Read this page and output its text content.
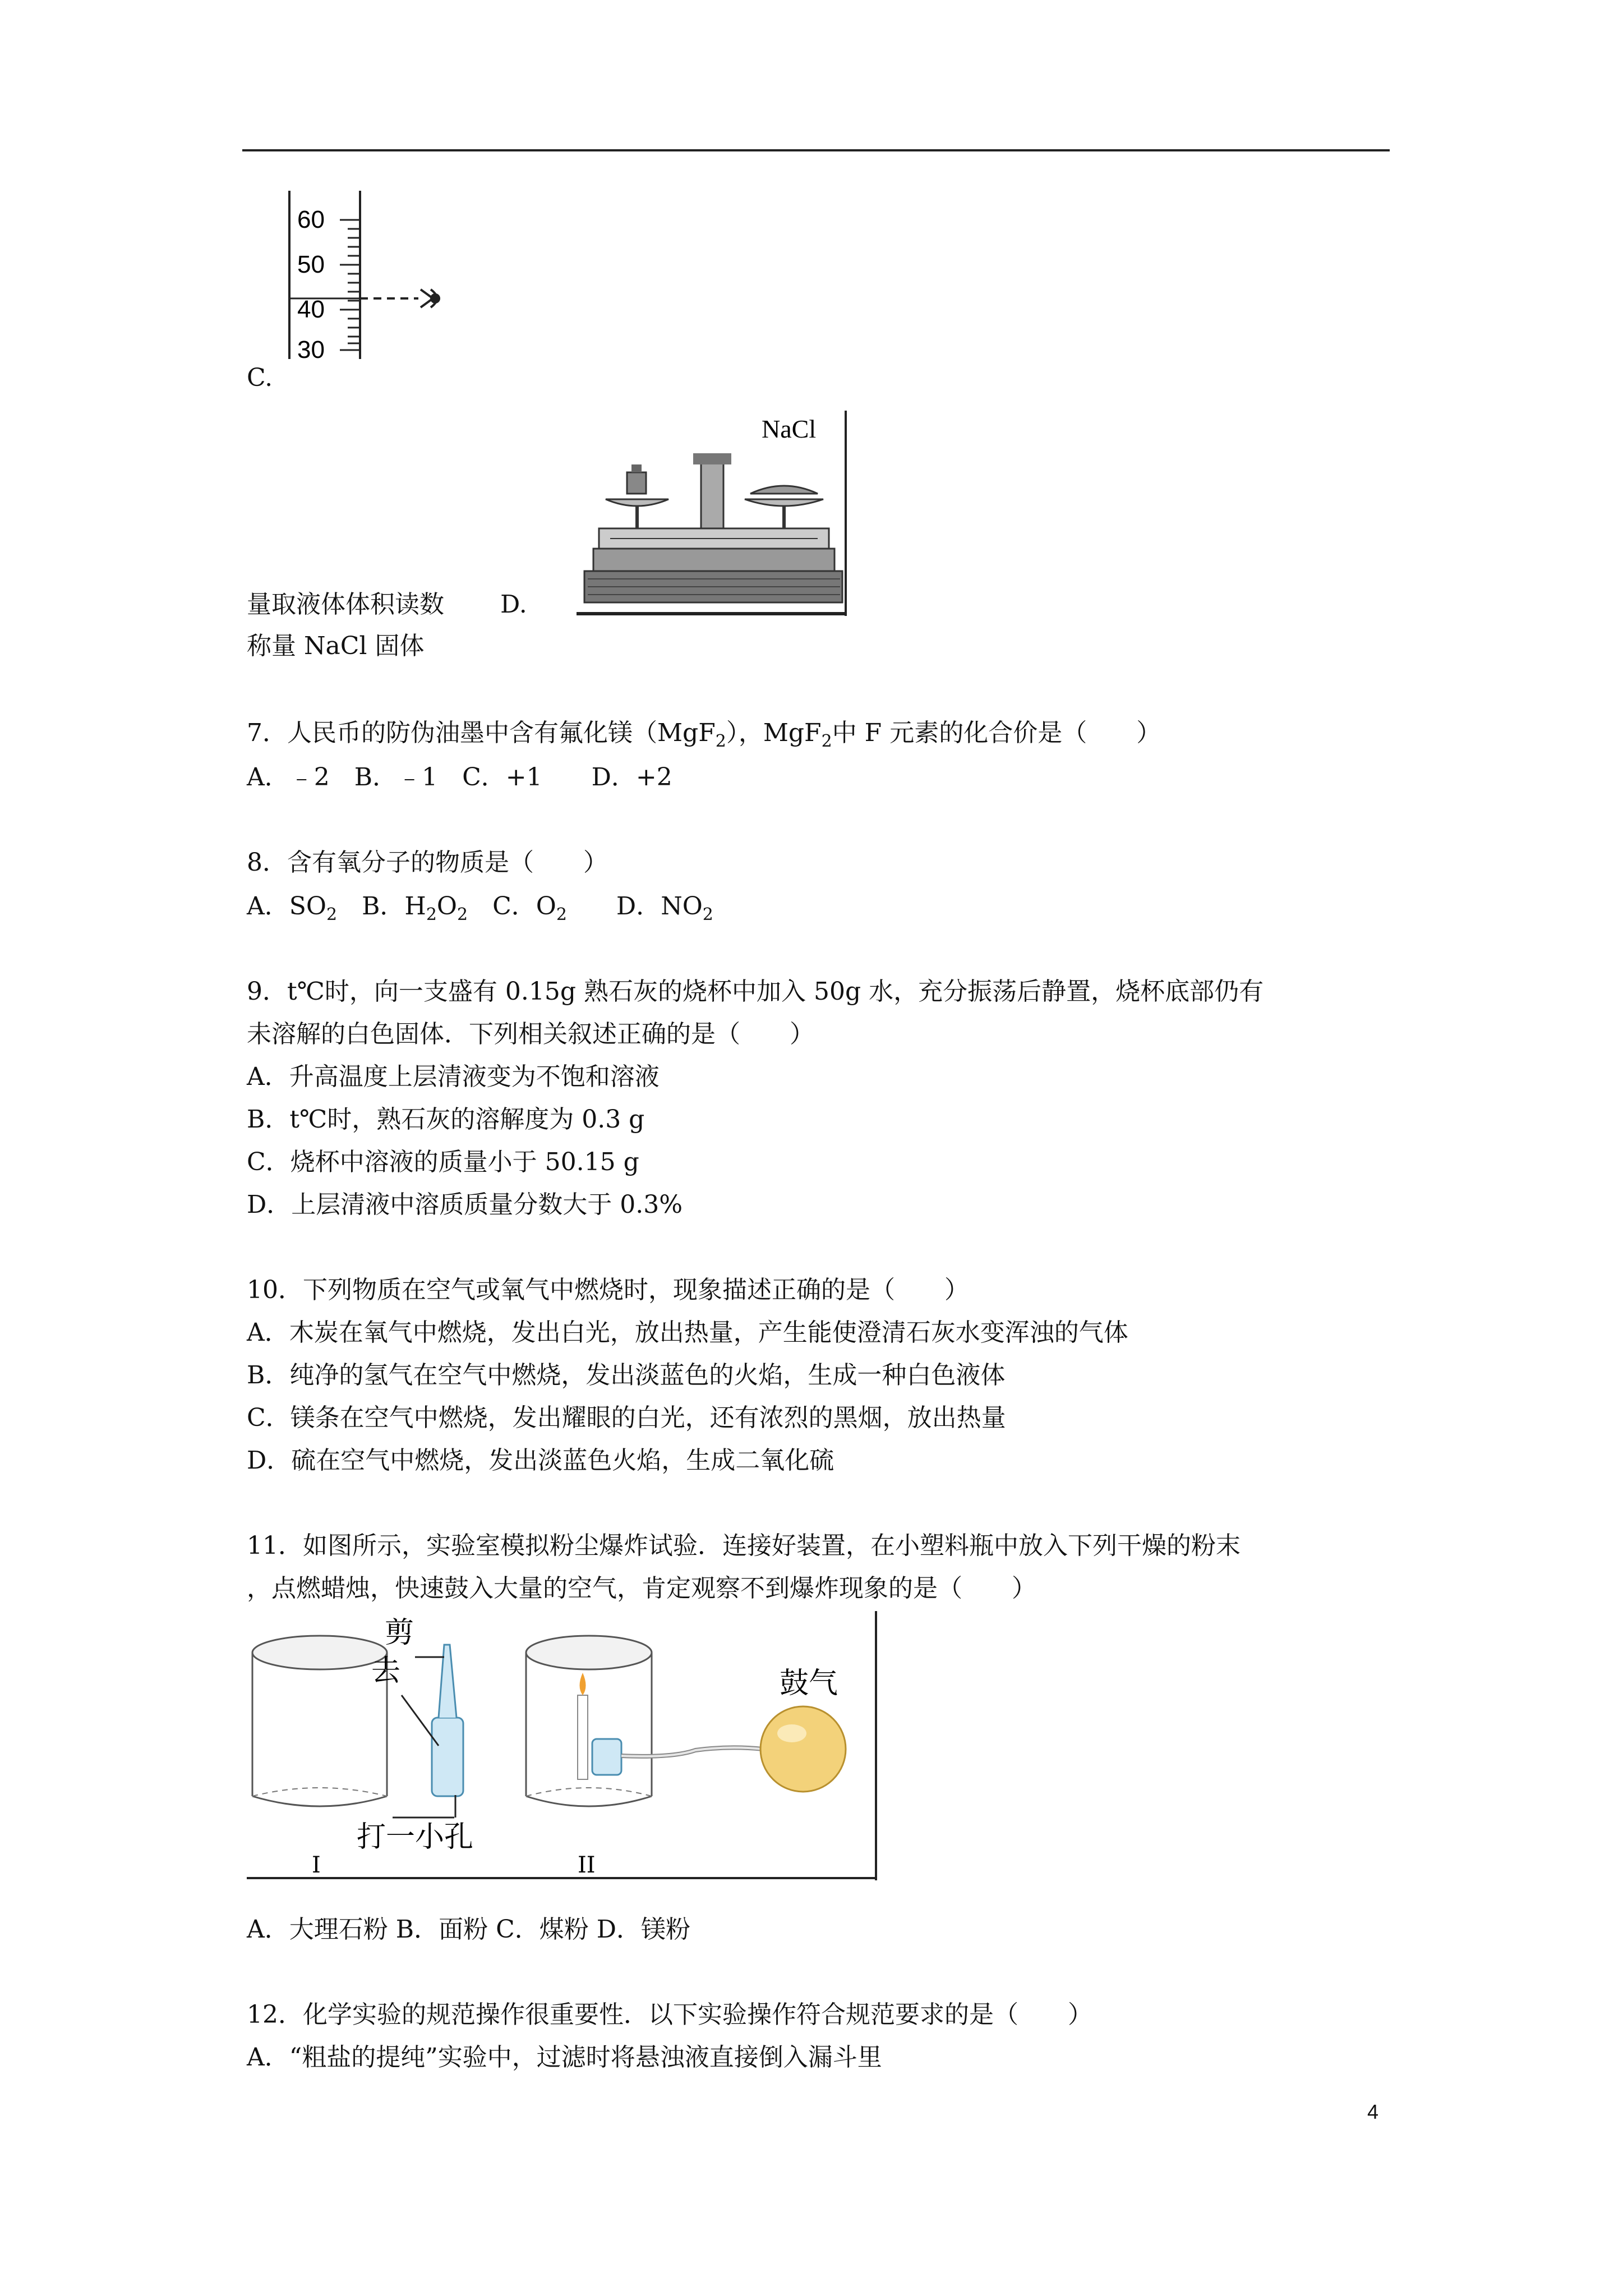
60
50
40
30
C.
NaCl
量取液体体积读数 D.
称量 NaCl 固体
7．人民币的防伪油墨中含有氟化镁（MgF$_2$），MgF$_2$中 F 元素的化合价是（　　）
A．﹣2　B．﹣1　C．+1　　D．+2
8．含有氧分子的物质是（　　）
A．$SO_2$　B．$H_2O_2$　C．$O_2$　　D．$NO_2$
9．t℃时，向一支盛有 0.15g 熟石灰的烧杯中加入 50g 水，充分振荡后静置，烧杯底部仍有
未溶解的白色固体．下列相关叙述正确的是（　　）
A．升高温度上层清液变为不饱和溶液
B．t℃时，熟石灰的溶解度为 0.3 g
C．烧杯中溶液的质量小于 50.15 g
D．上层清液中溶质质量分数大于 0.3%
10．下列物质在空气或氧气中燃烧时，现象描述正确的是（　　）
A．木炭在氧气中燃烧，发出白光，放出热量，产生能使澄清石灰水变浑浊的气体
B．纯净的氢气在空气中燃烧，发出淡蓝色的火焰，生成一种白色液体
C．镁条在空气中燃烧，发出耀眼的白光，还有浓烈的黑烟，放出热量
D．硫在空气中燃烧，发出淡蓝色火焰，生成二氧化硫
11．如图所示，实验室模拟粉尘爆炸试验．连接好装置，在小塑料瓶中放入下列干燥的粉末
，点燃蜡烛，快速鼓入大量的空气，肯定观察不到爆炸现象的是（　　）
剪
去
打一小孔
I
鼓气
II
A．大理石粉 B．面粉 C．煤粉 D．镁粉
12．化学实验的规范操作很重要性．以下实验操作符合规范要求的是（　　）
A．“粗盐的提纯”实验中，过滤时将悬浊液直接倒入漏斗里
4
